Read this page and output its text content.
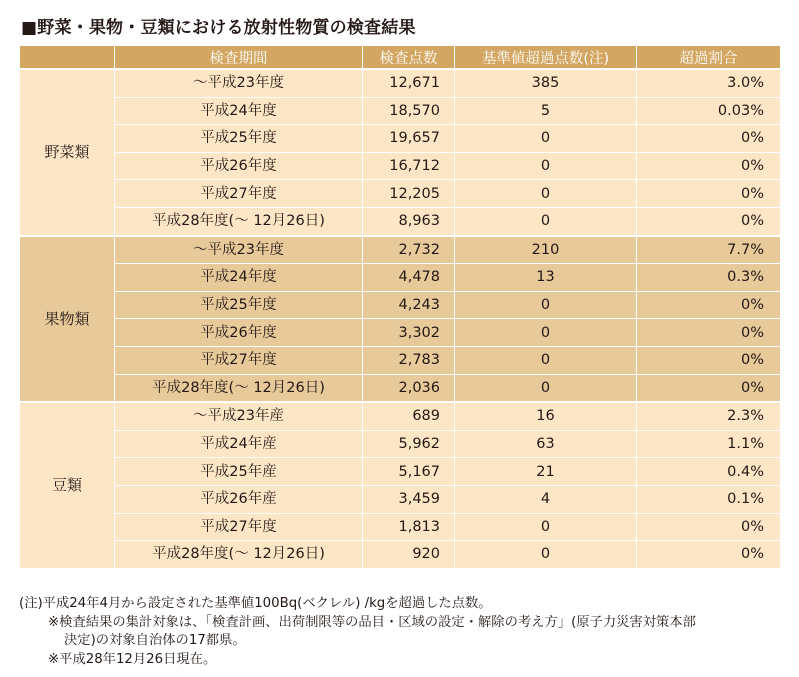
■野菜・果物・豆類における放射性物質の検査結果
	検査期間	検査点数	基準値超過点数(注)	超過割合
野菜類	～平成23年度	12,671	385	3.0%
	平成24年度	18,570	5	0.03%
	平成25年度	19,657	0	0%
	平成26年度	16,712	0	0%
	平成27年度	12,205	0	0%
	平成28年度(～ 12月26日)	8,963	0	0%
果物類	～平成23年度	2,732	210	7.7%
	平成24年度	4,478	13	0.3%
	平成25年度	4,243	0	0%
	平成26年度	3,302	0	0%
	平成27年度	2,783	0	0%
	平成28年度(～ 12月26日)	2,036	0	0%
豆類	～平成23年産	689	16	2.3%
	平成24年産	5,962	63	1.1%
	平成25年産	5,167	21	0.4%
	平成26年産	3,459	4	0.1%
	平成27年度	1,813	0	0%
	平成28年度(～ 12月26日)	920	0	0%
(注)平成24年4月から設定された基準値100Bq(ベクレル) /kgを超過した点数。
※検査結果の集計対象は、「検査計画、出荷制限等の品目・区域の設定・解除の考え方」(原子力災害対策本部
決定)の対象自治体の17都県。
※平成28年12月26日現在。
